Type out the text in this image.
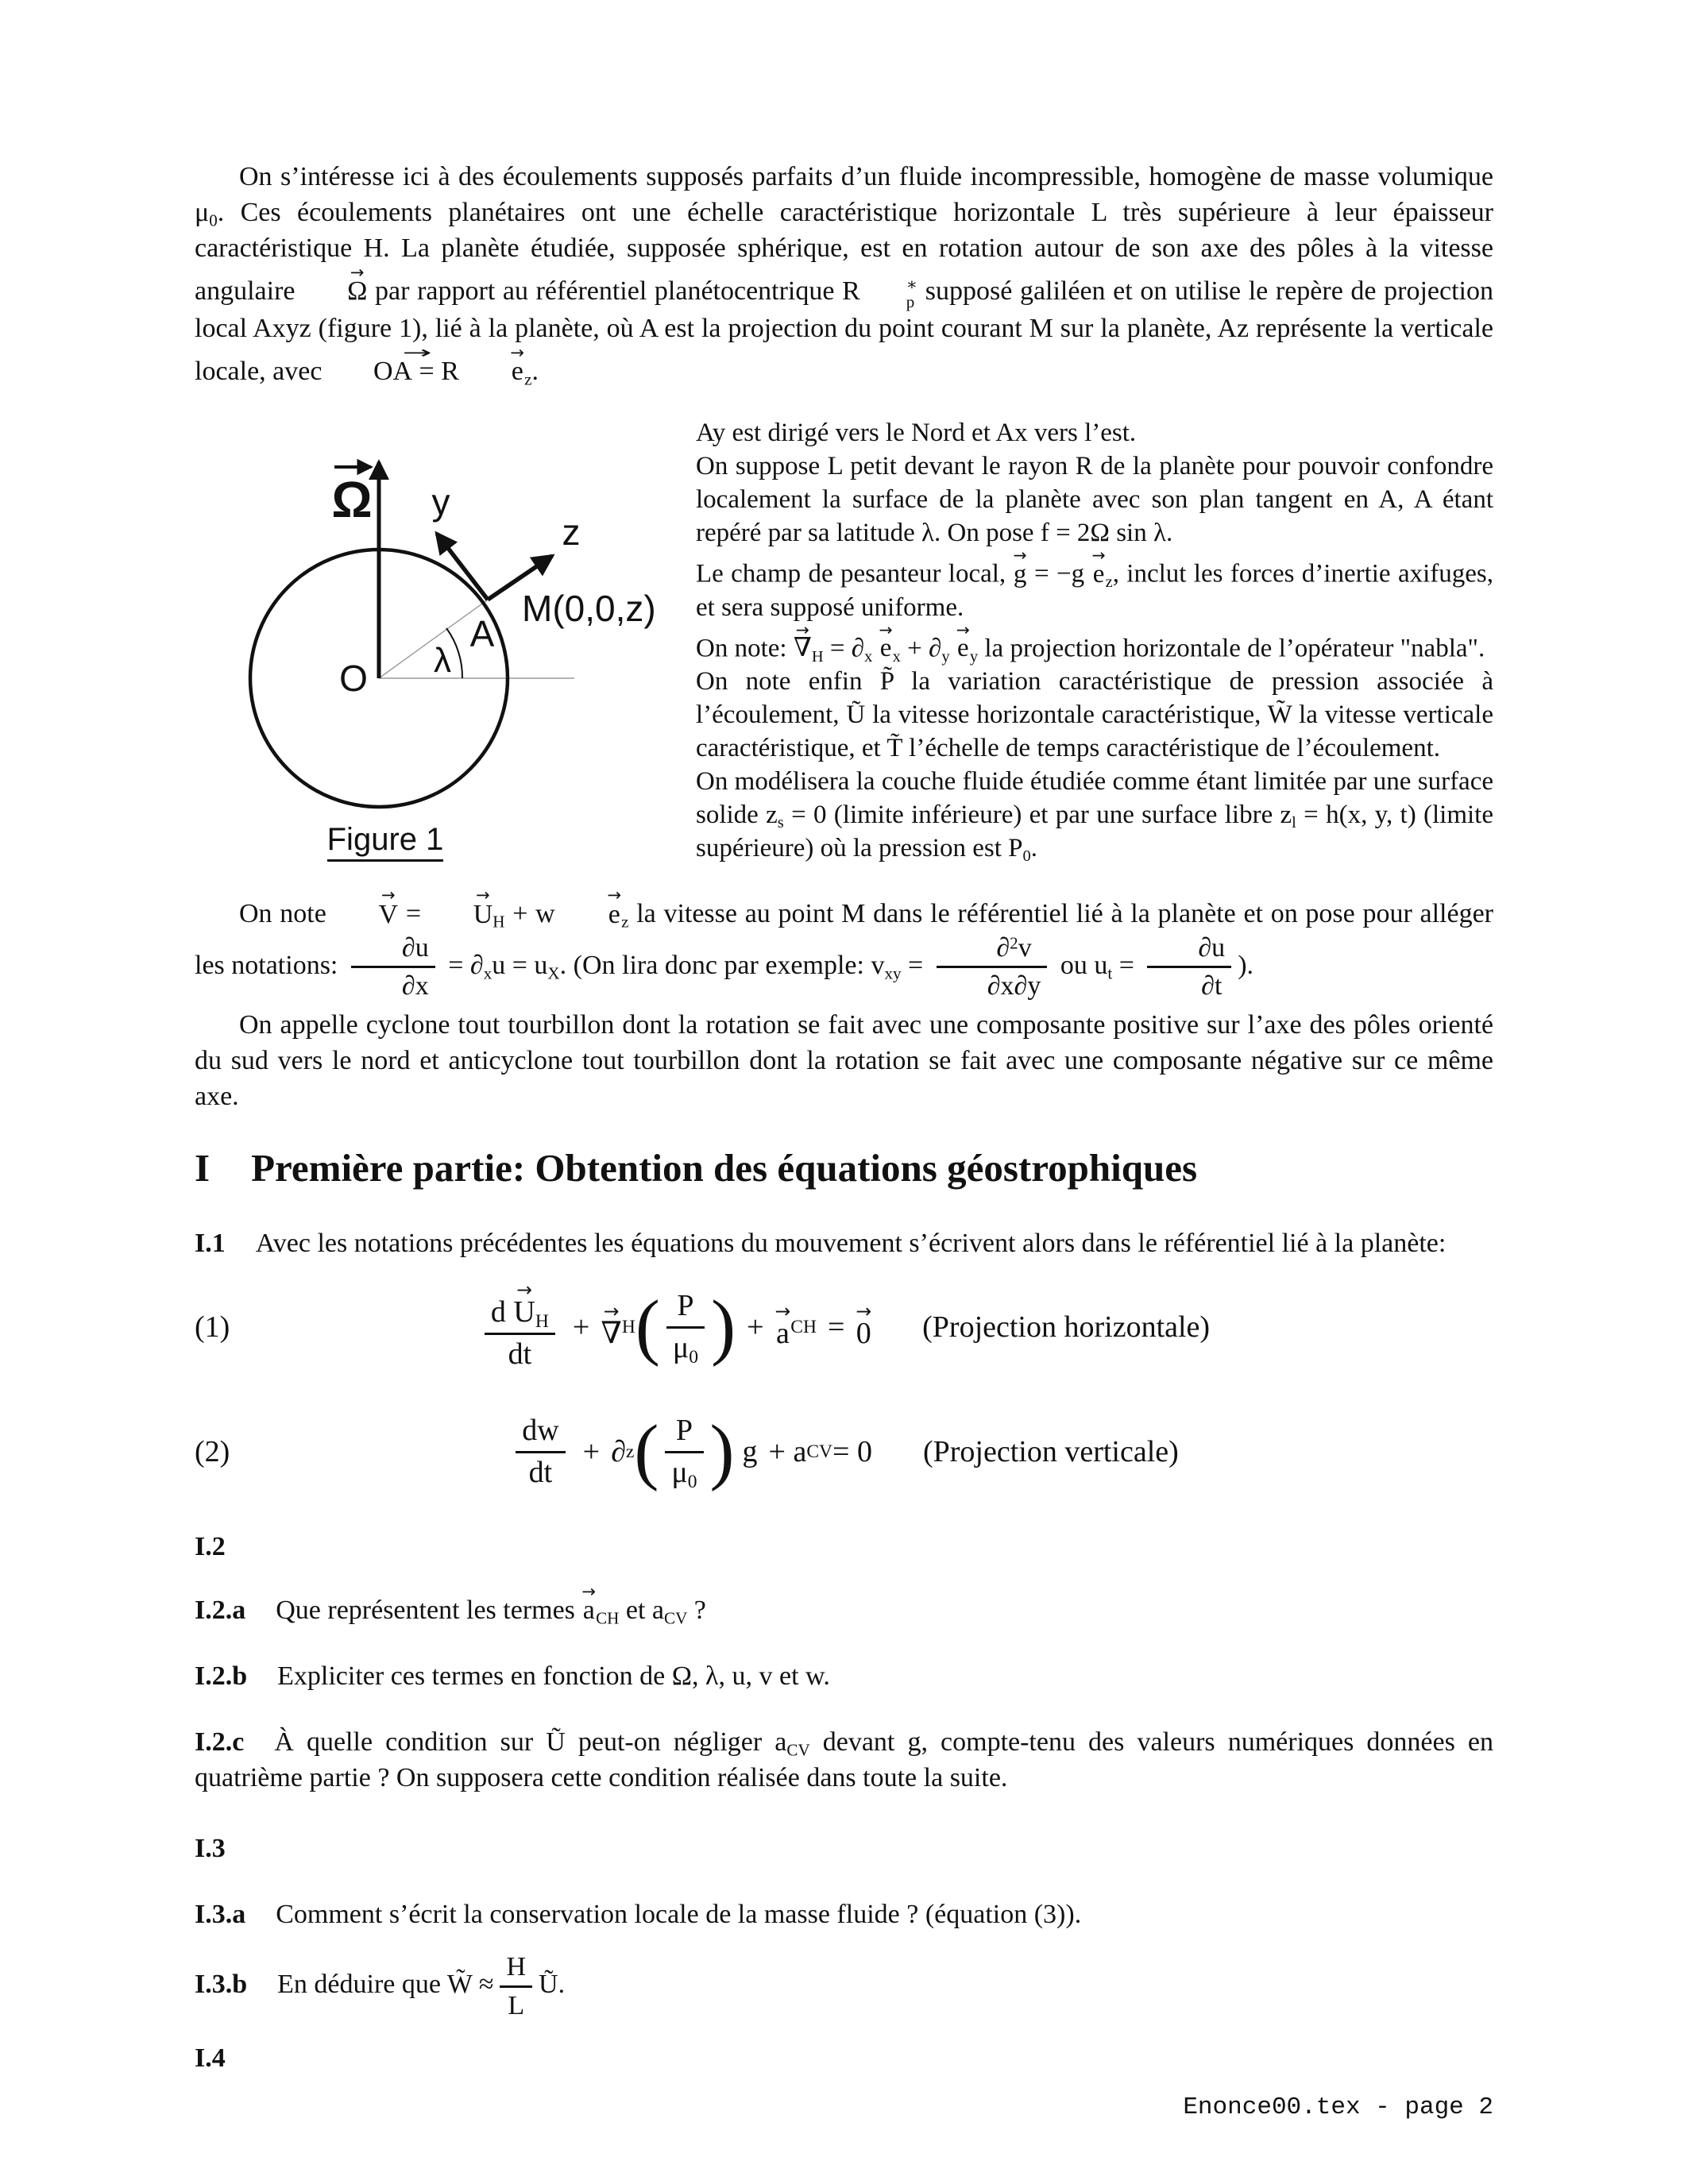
On s’intéresse ici à des écoulements supposés parfaits d’un fluide incompressible, homogène de masse volumique $\mu_0$. Ces écoulements planétaires ont une échelle caractéristique horizontale L très supérieure à leur épaisseur caractéristique H. La planète étudiée, supposée sphérique, est en rotation autour de son axe des pôles à la vitesse angulaire
→
Ω par rapport au référentiel planétocentrique R	∗
p supposé galiléen et on utilise le repère de projection local Axyz (figure 1), lié à la planète, où A est la projection du point courant M sur la planète, Az représente la verticale locale, avec
→
OA = R
→
e $_z$.

Ω y
z
M(0,0,z)
A
λ
O
Figure 1

Ay est dirigé vers le Nord et Ax vers l’est.

On suppose L petit devant le rayon R de la planète pour pouvoir confondre localement la surface de la planète avec son plan tangent en A, A étant repéré par sa latitude λ. On pose f = 2Ω sin λ.

Le champ de pesanteur local,
→
g = −g
→
e $_z$, inclut les forces d’inertie axifuges, et sera supposé uniforme.

On note:
→
∇ $_H = \partial_x$
→
e $_x + \partial_y$
→
e $_y$ la projection horizontale de l’opérateur "nabla".

On note enfin P̃ la variation caractéristique de pression associée à l’écoulement, Ũ la vitesse horizontale caractéristique, W̃ la vitesse verticale caractéristique, et T̃ l’échelle de temps caractéristique de l’écoulement.

On modélisera la couche fluide étudiée comme étant limitée par une surface solide $z_s = 0$ (limite inférieure) et par une surface libre $z_l = h(x$, y, t) (limite supérieure) où la pression est $P_0$.

On note
→
V =
→
U $_H$ + w
→
e $_z$ la vitesse au point M dans le référentiel lié à la planète et on pose pour alléger les notations: $\frac{\partial u}{\partial x} = \partial_xu = u_X$. (On lira donc par exemple: $v_{xy} = \frac{\partial^2v}{\partial x\partial y}$ ou $u_t = \frac{\partial u}{\partial t}$ ).

On appelle cyclone tout tourbillon dont la rotation se fait avec une composante positive sur l’axe des pôles orienté du sud vers le nord et anticyclone tout tourbillon dont la rotation se fait avec une composante négative sur ce même axe.

I Première partie: Obtention des équations géostrophiques

I.1 Avec les notations précédentes les équations du mouvement s’écrivent alors dans le référentiel lié à la planète:

(1)	d
→
U $_H$
dt + →
∇ H ( $\frac{P}{\mu_0}$ ) + →
a CH = →
0 (Projection horizontale)
(2)	$\frac{dw}{dt}$ + ∂ z ( $\frac{P}{\mu_0}$ ) g + a CV = 0 (Projection verticale)

I.2

I.2.a Que représentent les termes
→
a $_{CH}$ et $a_{CV}$ ?

I.2.b Expliciter ces termes en fonction de Ω, λ, u, v et w.

I.2.c À quelle condition sur Ũ peut-on négliger $a_{CV}$ devant g, compte-tenu des valeurs numériques données en quatrième partie ? On supposera cette condition réalisée dans toute la suite.

I.3

I.3.a Comment s’écrit la conservation locale de la masse fluide ? (équation (3)).

I.3.b En déduire que W̃ ≈ $\frac{H}{L}$ Ũ.

I.4

Enonce00.tex - page 2
